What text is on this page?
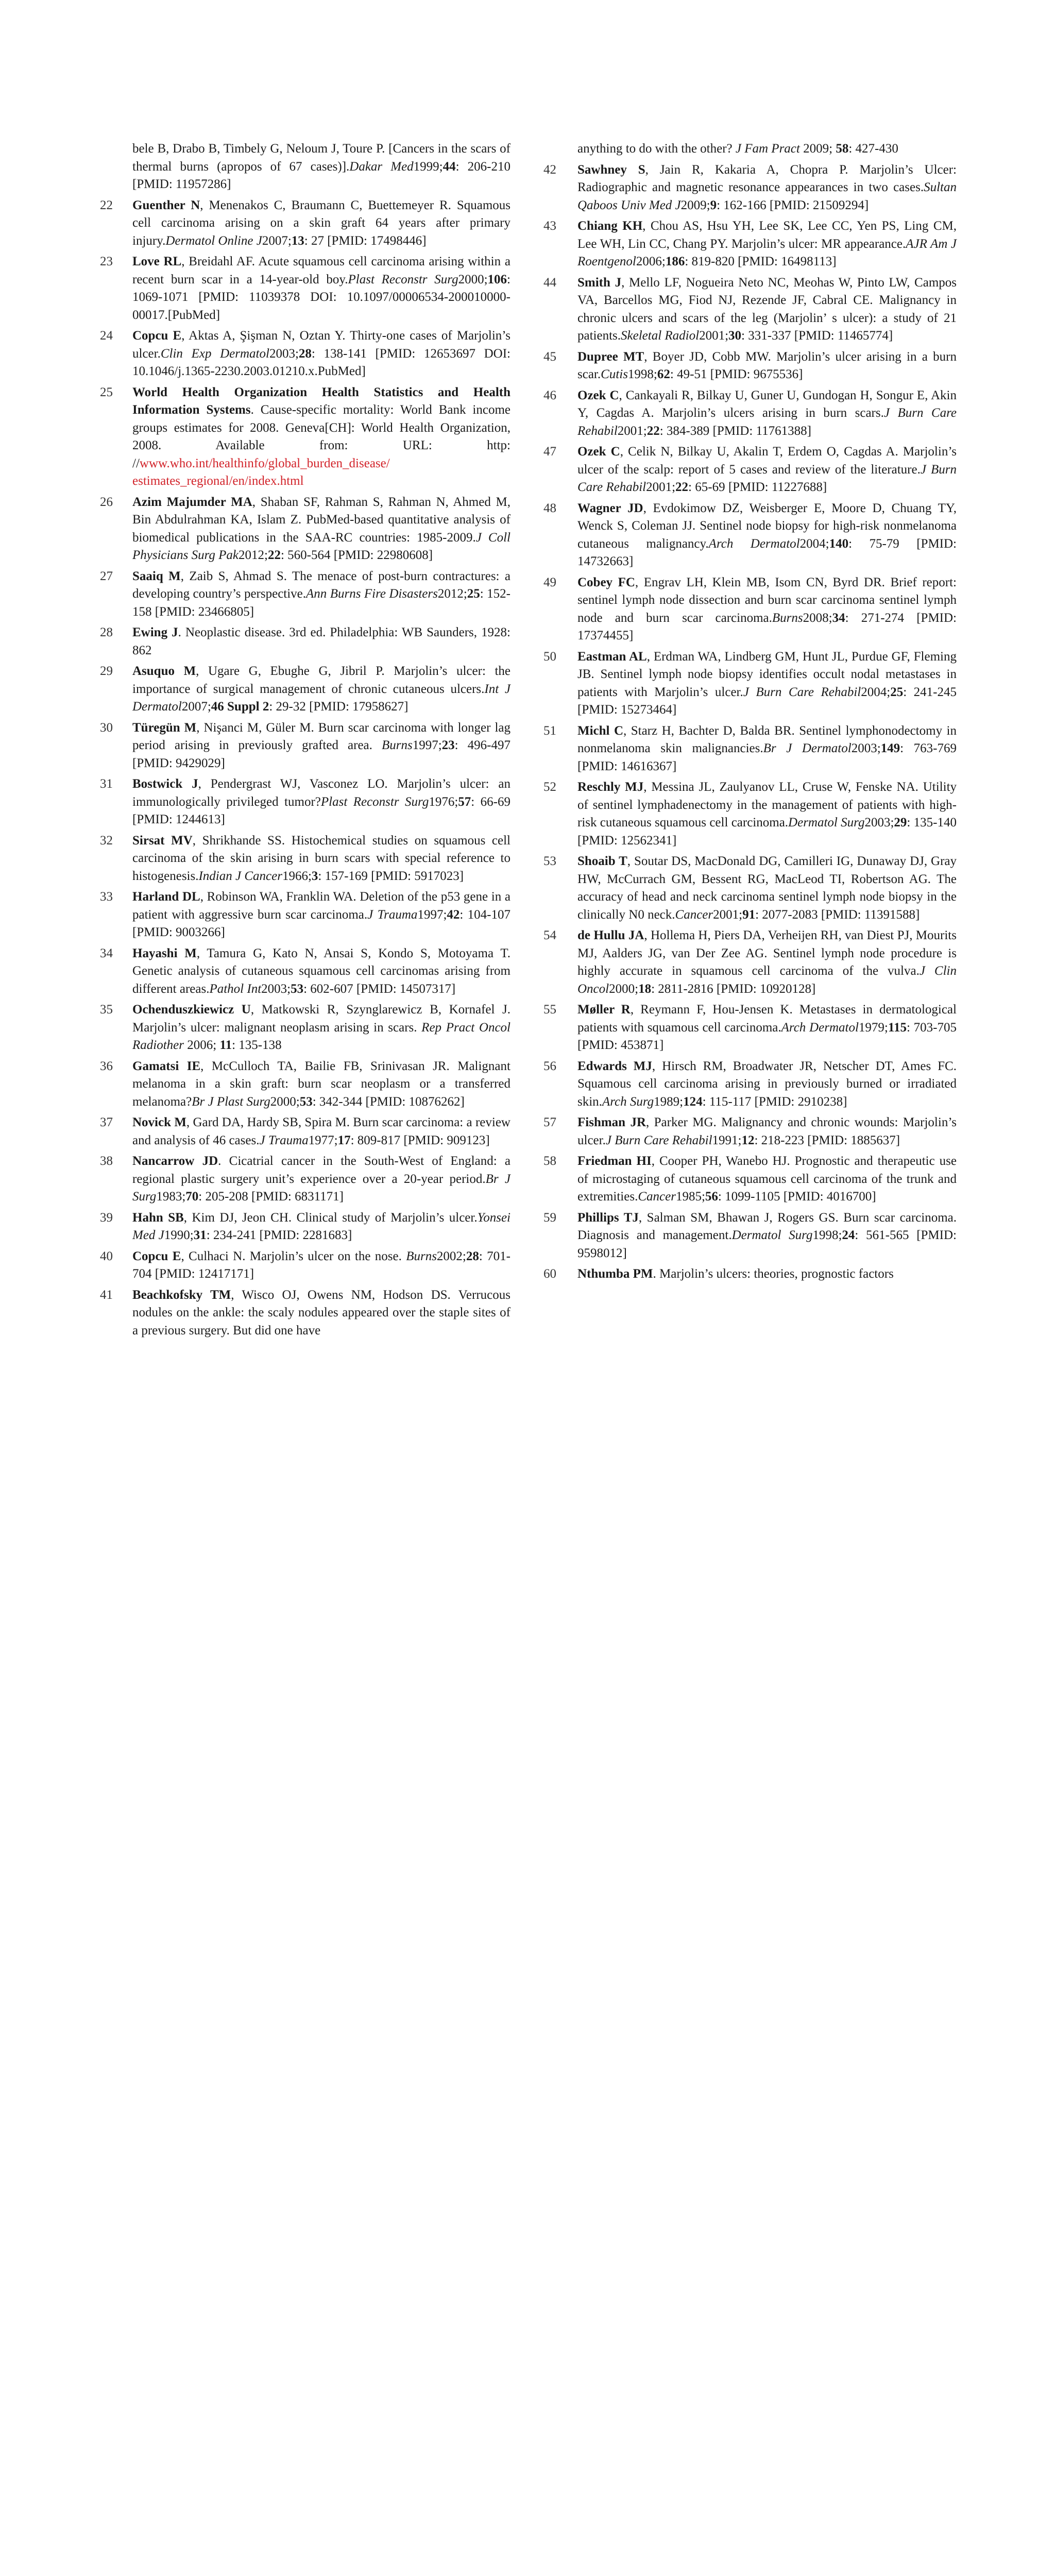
bele B, Drabo B, Timbely G, Neloum J, Toure P. [Cancers in the scars of thermal burns (apropos of 67 cases)].Dakar Med1999;44: 206-210 [PMID: 11957286]
22 Guenther N, Menenakos C, Braumann C, Buettemeyer R. Squamous cell carcinoma arising on a skin graft 64 years after primary injury.Dermatol Online J2007;13: 27 [PMID: 17498446]
23 Love RL, Breidahl AF. Acute squamous cell carcinoma arising within a recent burn scar in a 14-year-old boy.Plast Reconstr Surg2000;106: 1069-1071 [PMID: 11039378 DOI: 10.1097/00006534-200010000-00017.[PubMed]
24 Copcu E, Aktas A, Şişman N, Oztan Y. Thirty-one cases of Marjolin’s ulcer.Clin Exp Dermatol2003;28: 138-141 [PMID: 12653697 DOI: 10.1046/j.1365-2230.2003.01210.x.PubMed]
25 World Health Organization Health Statistics and Health Information Systems. Cause-specific mortality: World Bank income groups estimates for 2008. Geneva[CH]: World Health Organization, 2008. Available from: URL: http: //www.who.int/healthinfo/global_burden_disease/ estimates_regional/en/index.html
26 Azim Majumder MA, Shaban SF, Rahman S, Rahman N, Ahmed M, Bin Abdulrahman KA, Islam Z. PubMed-based quantitative analysis of biomedical publications in the SAA-RC countries: 1985-2009.J Coll Physicians Surg Pak2012;22: 560-564 [PMID: 22980608]
27 Saaiq M, Zaib S, Ahmad S. The menace of post-burn contractures: a developing country’s perspective.Ann Burns Fire Disasters2012;25: 152-158 [PMID: 23466805]
28 Ewing J. Neoplastic disease. 3rd ed. Philadelphia: WB Saunders, 1928: 862
29 Asuquo M, Ugare G, Ebughe G, Jibril P. Marjolin’s ulcer: the importance of surgical management of chronic cutaneous ulcers.Int J Dermatol2007;46 Suppl 2: 29-32 [PMID: 17958627]
30 Türegün M, Nişanci M, Güler M. Burn scar carcinoma with longer lag period arising in previously grafted area. Burns1997;23: 496-497 [PMID: 9429029]
31 Bostwick J, Pendergrast WJ, Vasconez LO. Marjolin’s ulcer: an immunologically privileged tumor?Plast Reconstr Surg1976;57: 66-69 [PMID: 1244613]
32 Sirsat MV, Shrikhande SS. Histochemical studies on squamous cell carcinoma of the skin arising in burn scars with special reference to histogenesis.Indian J Cancer1966;3: 157-169 [PMID: 5917023]
33 Harland DL, Robinson WA, Franklin WA. Deletion of the p53 gene in a patient with aggressive burn scar carcinoma.J Trauma1997;42: 104-107 [PMID: 9003266]
34 Hayashi M, Tamura G, Kato N, Ansai S, Kondo S, Motoyama T. Genetic analysis of cutaneous squamous cell carcinomas arising from different areas.Pathol Int2003;53: 602-607 [PMID: 14507317]
35 Ochenduszkiewicz U, Matkowski R, Szynglarewicz B, Kornafel J. Marjolin’s ulcer: malignant neoplasm arising in scars. Rep Pract Oncol Radiother 2006; 11: 135-138
36 Gamatsi IE, McCulloch TA, Bailie FB, Srinivasan JR. Malignant melanoma in a skin graft: burn scar neoplasm or a transferred melanoma?Br J Plast Surg2000;53: 342-344 [PMID: 10876262]
37 Novick M, Gard DA, Hardy SB, Spira M. Burn scar carcinoma: a review and analysis of 46 cases.J Trauma1977;17: 809-817 [PMID: 909123]
38 Nancarrow JD. Cicatrial cancer in the South-West of England: a regional plastic surgery unit’s experience over a 20-year period.Br J Surg1983;70: 205-208 [PMID: 6831171]
39 Hahn SB, Kim DJ, Jeon CH. Clinical study of Marjolin’s ulcer.Yonsei Med J1990;31: 234-241 [PMID: 2281683]
40 Copcu E, Culhaci N. Marjolin’s ulcer on the nose. Burns2002;28: 701-704 [PMID: 12417171]
41 Beachkofsky TM, Wisco OJ, Owens NM, Hodson DS. Verrucous nodules on the ankle: the scaly nodules appeared over the staple sites of a previous surgery. But did one have
anything to do with the other? J Fam Pract 2009; 58: 427-430
42 Sawhney S, Jain R, Kakaria A, Chopra P. Marjolin’s Ulcer: Radiographic and magnetic resonance appearances in two cases.Sultan Qaboos Univ Med J2009;9: 162-166 [PMID: 21509294]
43 Chiang KH, Chou AS, Hsu YH, Lee SK, Lee CC, Yen PS, Ling CM, Lee WH, Lin CC, Chang PY. Marjolin’s ulcer: MR appearance.AJR Am J Roentgenol2006;186: 819-820 [PMID: 16498113]
44 Smith J, Mello LF, Nogueira Neto NC, Meohas W, Pinto LW, Campos VA, Barcellos MG, Fiod NJ, Rezende JF, Cabral CE. Malignancy in chronic ulcers and scars of the leg (Marjolin’ s ulcer): a study of 21 patients.Skeletal Radiol2001;30: 331-337 [PMID: 11465774]
45 Dupree MT, Boyer JD, Cobb MW. Marjolin’s ulcer arising in a burn scar.Cutis1998;62: 49-51 [PMID: 9675536]
46 Ozek C, Cankayali R, Bilkay U, Guner U, Gundogan H, Songur E, Akin Y, Cagdas A. Marjolin’s ulcers arising in burn scars.J Burn Care Rehabil2001;22: 384-389 [PMID: 11761388]
47 Ozek C, Celik N, Bilkay U, Akalin T, Erdem O, Cagdas A. Marjolin’s ulcer of the scalp: report of 5 cases and review of the literature.J Burn Care Rehabil2001;22: 65-69 [PMID: 11227688]
48 Wagner JD, Evdokimow DZ, Weisberger E, Moore D, Chuang TY, Wenck S, Coleman JJ. Sentinel node biopsy for high-risk nonmelanoma cutaneous malignancy.Arch Dermatol2004;140: 75-79 [PMID: 14732663]
49 Cobey FC, Engrav LH, Klein MB, Isom CN, Byrd DR. Brief report: sentinel lymph node dissection and burn scar carcinoma sentinel lymph node and burn scar carcinoma.Burns2008;34: 271-274 [PMID: 17374455]
50 Eastman AL, Erdman WA, Lindberg GM, Hunt JL, Purdue GF, Fleming JB. Sentinel lymph node biopsy identifies occult nodal metastases in patients with Marjolin’s ulcer.J Burn Care Rehabil2004;25: 241-245 [PMID: 15273464]
51 Michl C, Starz H, Bachter D, Balda BR. Sentinel lymphonodectomy in nonmelanoma skin malignancies.Br J Dermatol2003;149: 763-769 [PMID: 14616367]
52 Reschly MJ, Messina JL, Zaulyanov LL, Cruse W, Fenske NA. Utility of sentinel lymphadenectomy in the management of patients with high-risk cutaneous squamous cell carcinoma.Dermatol Surg2003;29: 135-140 [PMID: 12562341]
53 Shoaib T, Soutar DS, MacDonald DG, Camilleri IG, Dunaway DJ, Gray HW, McCurrach GM, Bessent RG, MacLeod TI, Robertson AG. The accuracy of head and neck carcinoma sentinel lymph node biopsy in the clinically N0 neck.Cancer2001;91: 2077-2083 [PMID: 11391588]
54 de Hullu JA, Hollema H, Piers DA, Verheijen RH, van Diest PJ, Mourits MJ, Aalders JG, van Der Zee AG. Sentinel lymph node procedure is highly accurate in squamous cell carcinoma of the vulva.J Clin Oncol2000;18: 2811-2816 [PMID: 10920128]
55 Møller R, Reymann F, Hou-Jensen K. Metastases in dermatological patients with squamous cell carcinoma.Arch Dermatol1979;115: 703-705 [PMID: 453871]
56 Edwards MJ, Hirsch RM, Broadwater JR, Netscher DT, Ames FC. Squamous cell carcinoma arising in previously burned or irradiated skin.Arch Surg1989;124: 115-117 [PMID: 2910238]
57 Fishman JR, Parker MG. Malignancy and chronic wounds: Marjolin’s ulcer.J Burn Care Rehabil1991;12: 218-223 [PMID: 1885637]
58 Friedman HI, Cooper PH, Wanebo HJ. Prognostic and therapeutic use of microstaging of cutaneous squamous cell carcinoma of the trunk and extremities.Cancer1985;56: 1099-1105 [PMID: 4016700]
59 Phillips TJ, Salman SM, Bhawan J, Rogers GS. Burn scar carcinoma. Diagnosis and management.Dermatol Surg1998;24: 561-565 [PMID: 9598012]
60 Nthumba PM. Marjolin’s ulcers: theories, prognostic factors
